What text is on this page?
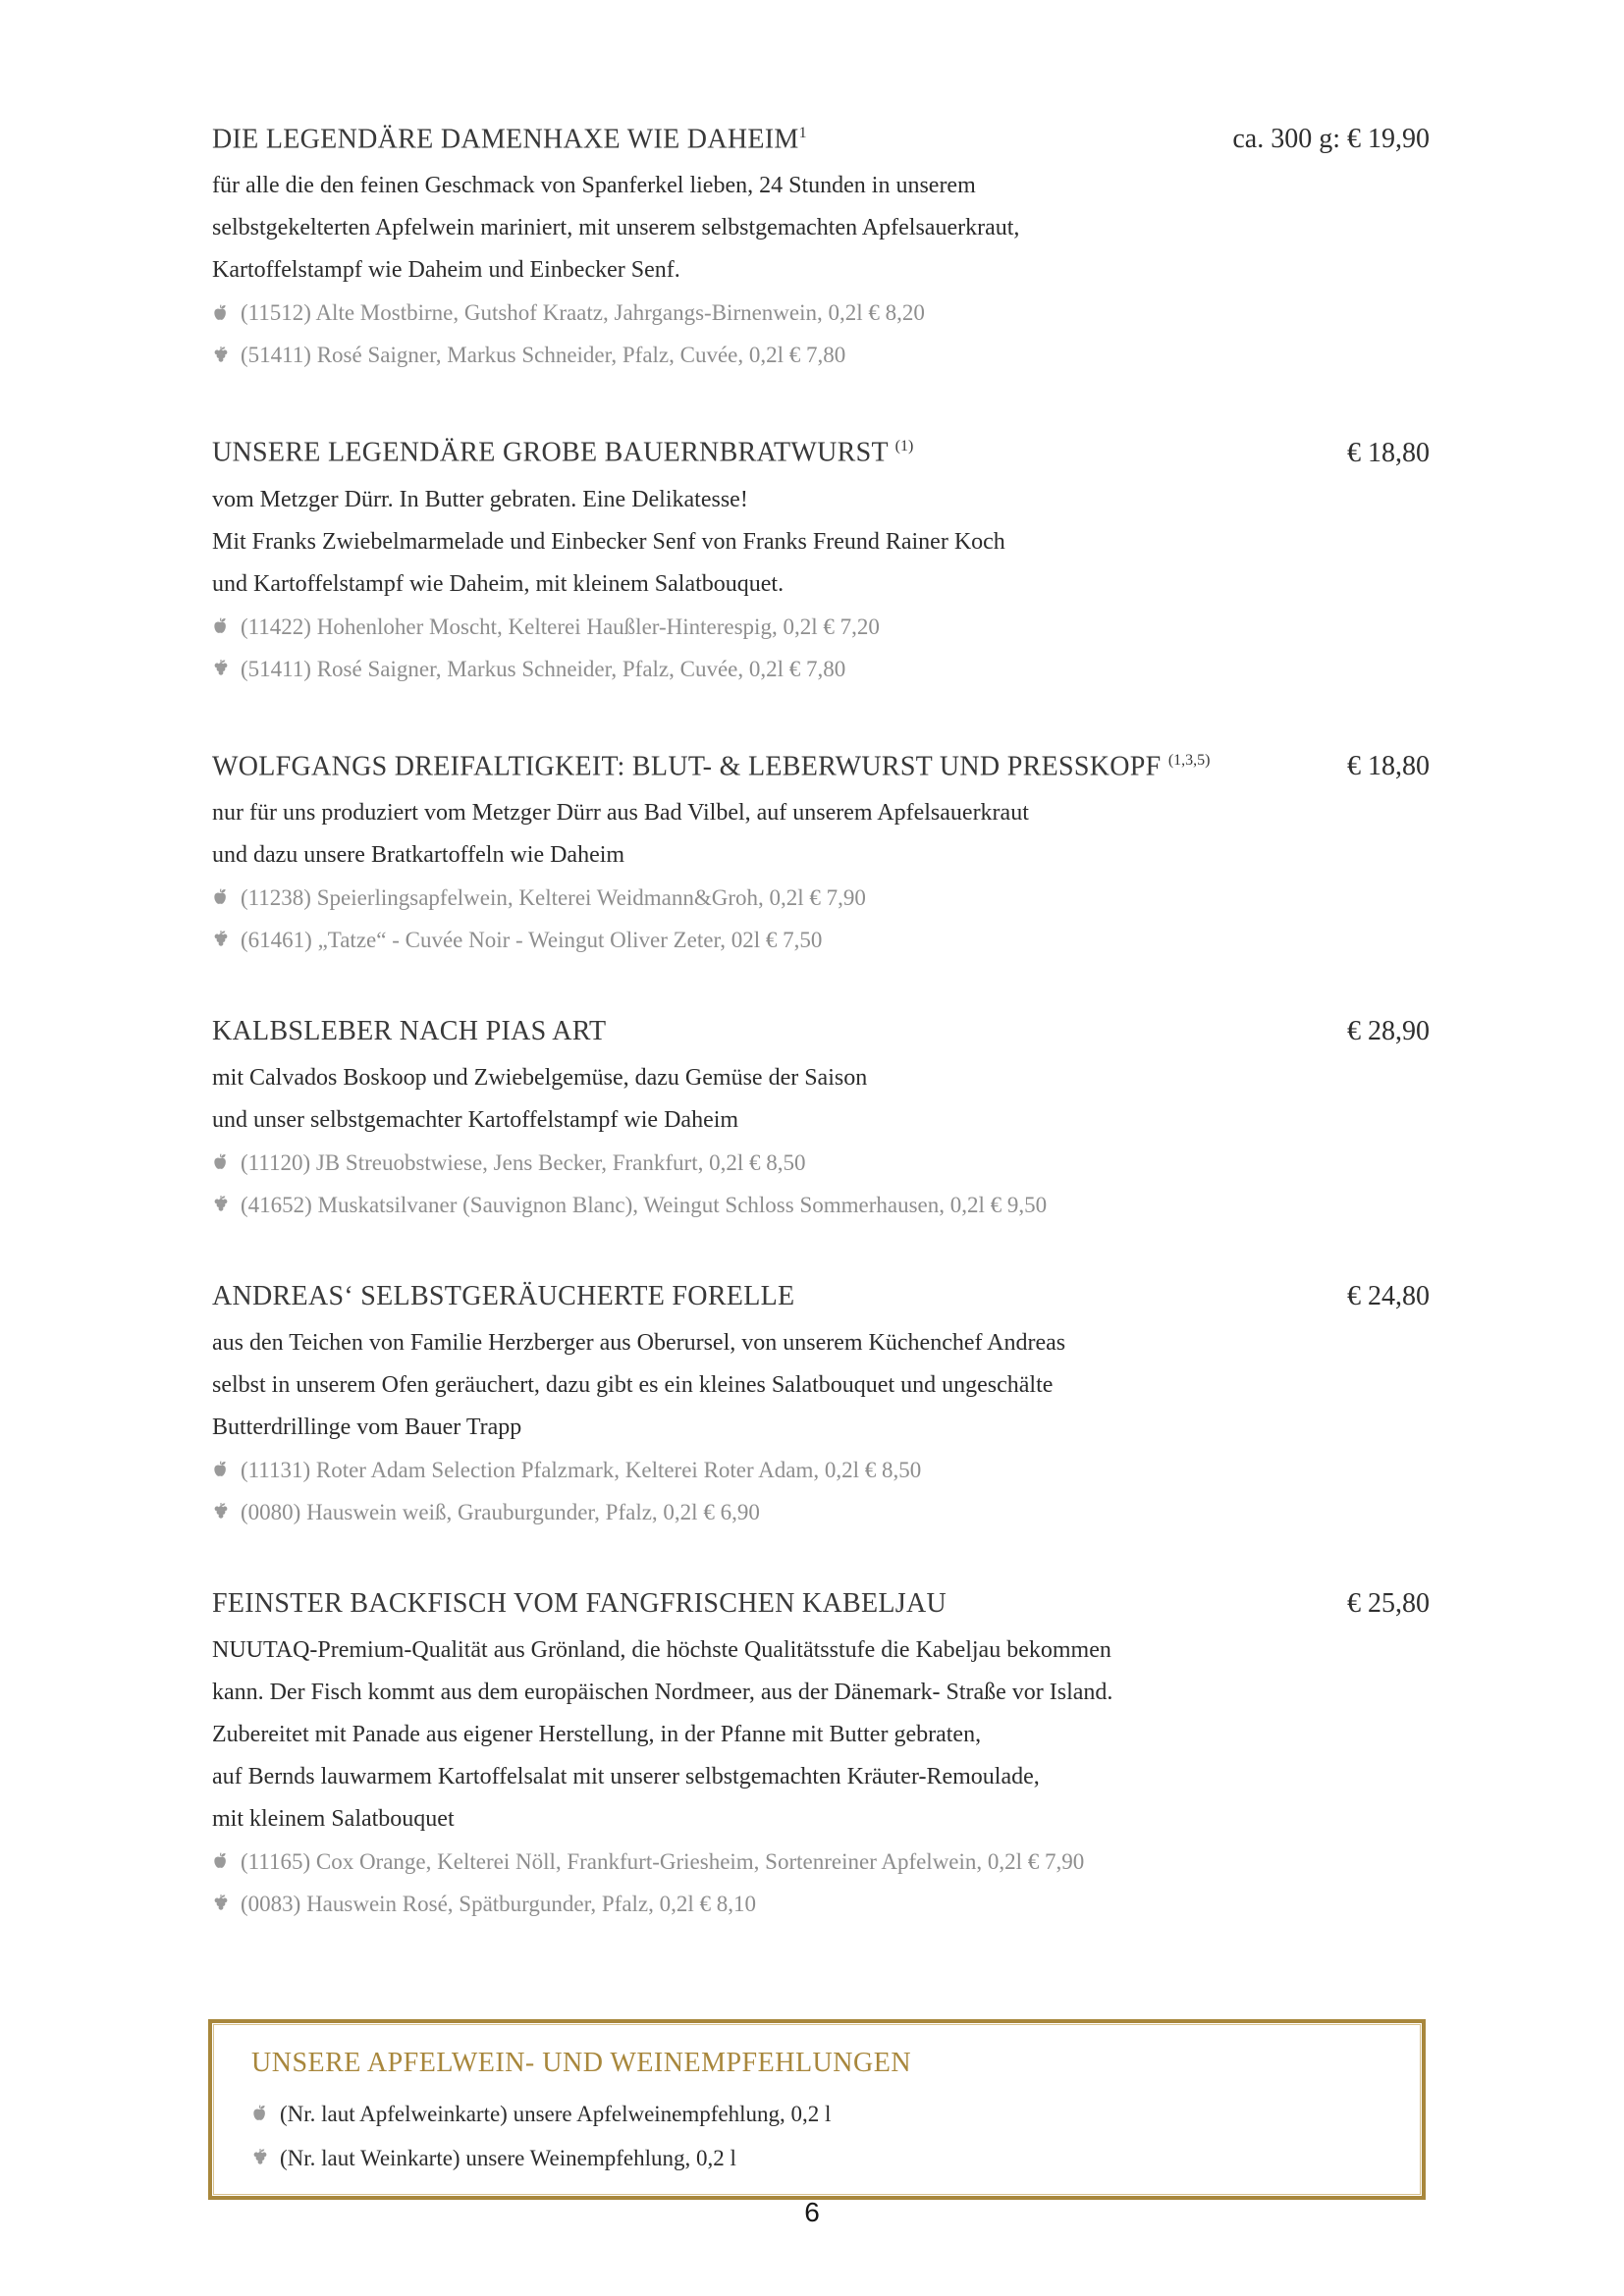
DIE LEGENDÄRE DAMENHAXE WIE DAHEIM$^1$	ca. 300 g: € 19,90
für alle die den feinen Geschmack von Spanferkel lieben, 24 Stunden in unserem
selbstgekelterten Apfelwein mariniert, mit unserem selbstgemachten Apfelsauerkraut,
Kartoffelstampf wie Daheim und Einbecker Senf.
(11512) Alte Mostbirne, Gutshof Kraatz, Jahrgangs-Birnenwein, 0,2l € 8,20
(51411) Rosé Saigner, Markus Schneider, Pfalz, Cuvée, 0,2l € 7,80
UNSERE LEGENDÄRE GROBE BAUERNBRATWURST $^{(1)}$	€ 18,80
vom Metzger Dürr. In Butter gebraten. Eine Delikatesse!
Mit Franks Zwiebelmarmelade und Einbecker Senf von Franks Freund Rainer Koch
und Kartoffelstampf wie Daheim, mit kleinem Salatbouquet.
(11422) Hohenloher Moscht, Kelterei Haußler-Hinterespig, 0,2l € 7,20
(51411) Rosé Saigner, Markus Schneider, Pfalz, Cuvée, 0,2l € 7,80
WOLFGANGS DREIFALTIGKEIT: BLUT- & LEBERWURST UND PRESSKOPF $^{(1,3,5)}$	€ 18,80
nur für uns produziert vom Metzger Dürr aus Bad Vilbel, auf unserem Apfelsauerkraut
und dazu unsere Bratkartoffeln wie Daheim
(11238) Speierlingsapfelwein, Kelterei Weidmann&Groh, 0,2l € 7,90
(61461) „Tatze“ - Cuvée Noir - Weingut Oliver Zeter, 02l € 7,50
KALBSLEBER NACH PIAS ART	€ 28,90
mit Calvados Boskoop und Zwiebelgemüse, dazu Gemüse der Saison
und unser selbstgemachter Kartoffelstampf wie Daheim
(11120) JB Streuobstwiese, Jens Becker, Frankfurt, 0,2l € 8,50
(41652) Muskatsilvaner (Sauvignon Blanc), Weingut Schloss Sommerhausen, 0,2l € 9,50
ANDREAS‘ SELBSTGERÄUCHERTE FORELLE	€ 24,80
aus den Teichen von Familie Herzberger aus Oberursel, von unserem Küchenchef Andreas
selbst in unserem Ofen geräuchert, dazu gibt es ein kleines Salatbouquet und ungeschälte
Butterdrillinge vom Bauer Trapp
(11131) Roter Adam Selection Pfalzmark, Kelterei Roter Adam, 0,2l € 8,50
(0080) Hauswein weiß, Grauburgunder, Pfalz, 0,2l € 6,90
FEINSTER BACKFISCH VOM FANGFRISCHEN KABELJAU	€ 25,80
NUUTAQ-Premium-Qualität aus Grönland, die höchste Qualitätsstufe die Kabeljau bekommen
kann. Der Fisch kommt aus dem europäischen Nordmeer, aus der Dänemark- Straße vor Island.
Zubereitet mit Panade aus eigener Herstellung, in der Pfanne mit Butter gebraten,
auf Bernds lauwarmem Kartoffelsalat mit unserer selbstgemachten Kräuter-Remoulade,
mit kleinem Salatbouquet
(11165) Cox Orange, Kelterei Nöll, Frankfurt-Griesheim, Sortenreiner Apfelwein, 0,2l € 7,90
(0083) Hauswein Rosé, Spätburgunder, Pfalz, 0,2l € 8,10
UNSERE APFELWEIN- UND WEINEMPFEHLUNGEN
(Nr. laut Apfelweinkarte) unsere Apfelweinempfehlung, 0,2 l
(Nr. laut Weinkarte) unsere Weinempfehlung, 0,2 l
6
